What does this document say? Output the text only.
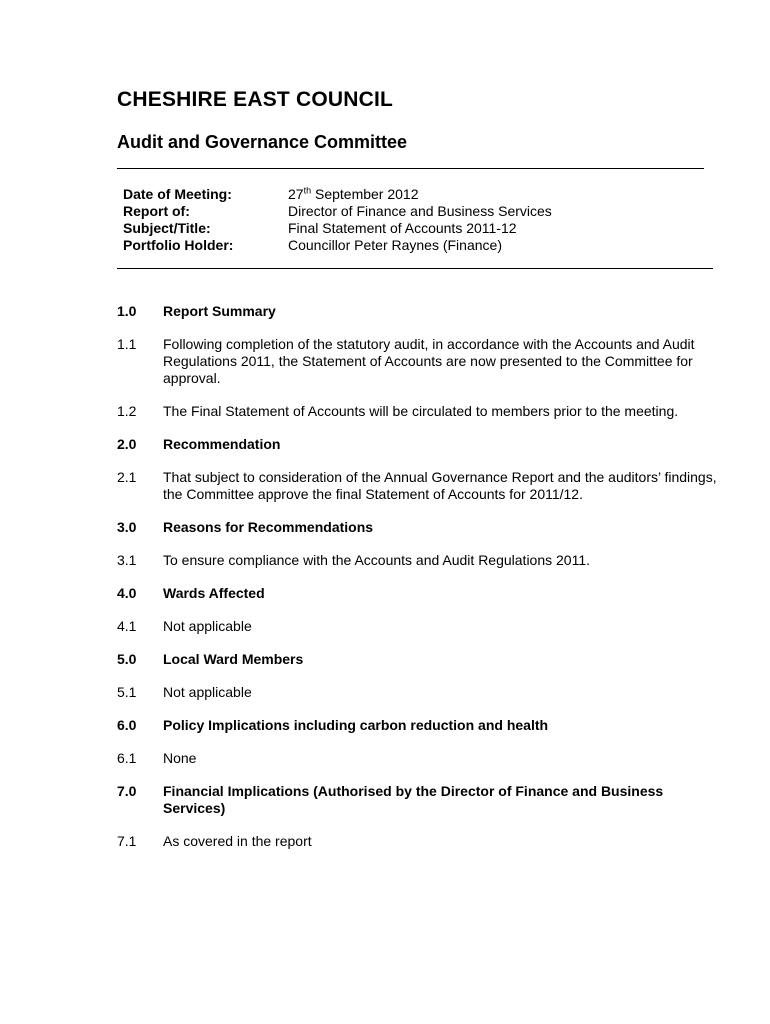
CHESHIRE EAST COUNCIL
Audit and Governance Committee
Date of Meeting:	27th September 2012
Report of:	Director of Finance and Business Services
Subject/Title:	Final Statement of Accounts 2011-12
Portfolio Holder:	Councillor Peter Raynes (Finance)
1.0	Report Summary
1.1	Following completion of the statutory audit, in accordance with the Accounts and Audit Regulations 2011, the Statement of Accounts are now presented to the Committee for approval.
1.2	The Final Statement of Accounts will be circulated to members prior to the meeting.
2.0	Recommendation
2.1	That subject to consideration of the Annual Governance Report and the auditors’ findings, the Committee approve the final Statement of Accounts for 2011/12.
3.0	Reasons for Recommendations
3.1	To ensure compliance with the Accounts and Audit Regulations 2011.
4.0	Wards Affected
4.1	Not applicable
5.0	Local Ward Members
5.1	Not applicable
6.0	Policy Implications including carbon reduction and health
6.1	None
7.0	Financial Implications (Authorised by the Director of Finance and Business Services)
7.1	As covered in the report
